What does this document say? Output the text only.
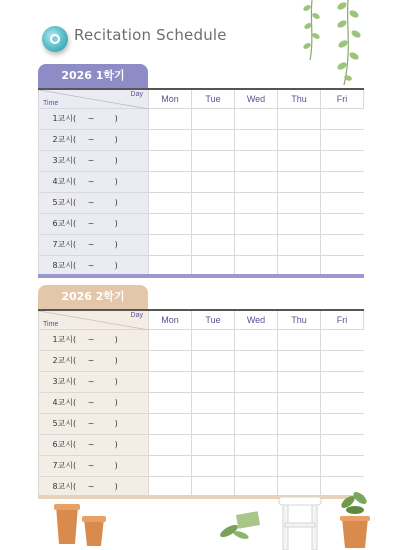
Recitation Schedule
2026 1학기
Day
Time	Mon	Tue	Wed	Thu	Fri
1교시( ~ )					
2교시( ~ )					
3교시( ~ )					
4교시( ~ )					
5교시( ~ )					
6교시( ~ )					
7교시( ~ )					
8교시( ~ )					
2026 2학기
Day
Time	Mon	Tue	Wed	Thu	Fri
1교시( ~ )					
2교시( ~ )					
3교시( ~ )					
4교시( ~ )					
5교시( ~ )					
6교시( ~ )					
7교시( ~ )					
8교시( ~ )					
